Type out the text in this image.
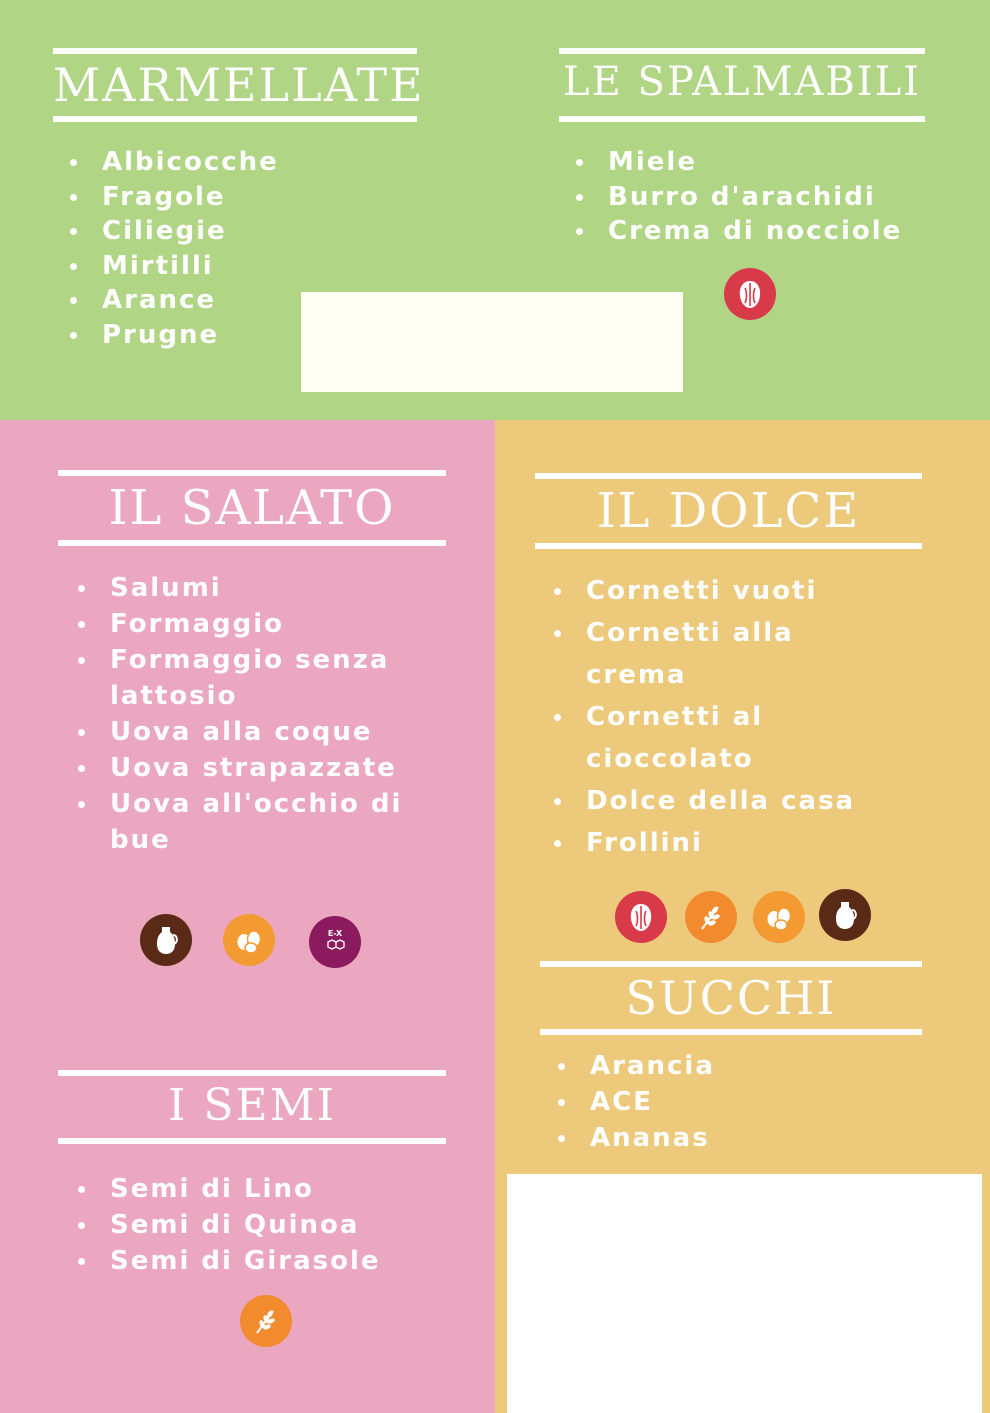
MARMELLATE
Albicocche
Fragole
Ciliegie
Mirtilli
Arance
Prugne
LE SPALMABILI
Miele
Burro d'arachidi
Crema di nocciole
IL SALATO
Salumi
Formaggio
Formaggio senza lattosio
Uova alla coque
Uova strapazzate
Uova all'occhio di bue
IL DOLCE
Cornetti vuoti
Cornetti alla crema
Cornetti al cioccolato
Dolce della casa
Frollini
SUCCHI
Arancia
ACE
Ananas
I SEMI
Semi di Lino
Semi di Quinoa
Semi di Girasole
E-X
